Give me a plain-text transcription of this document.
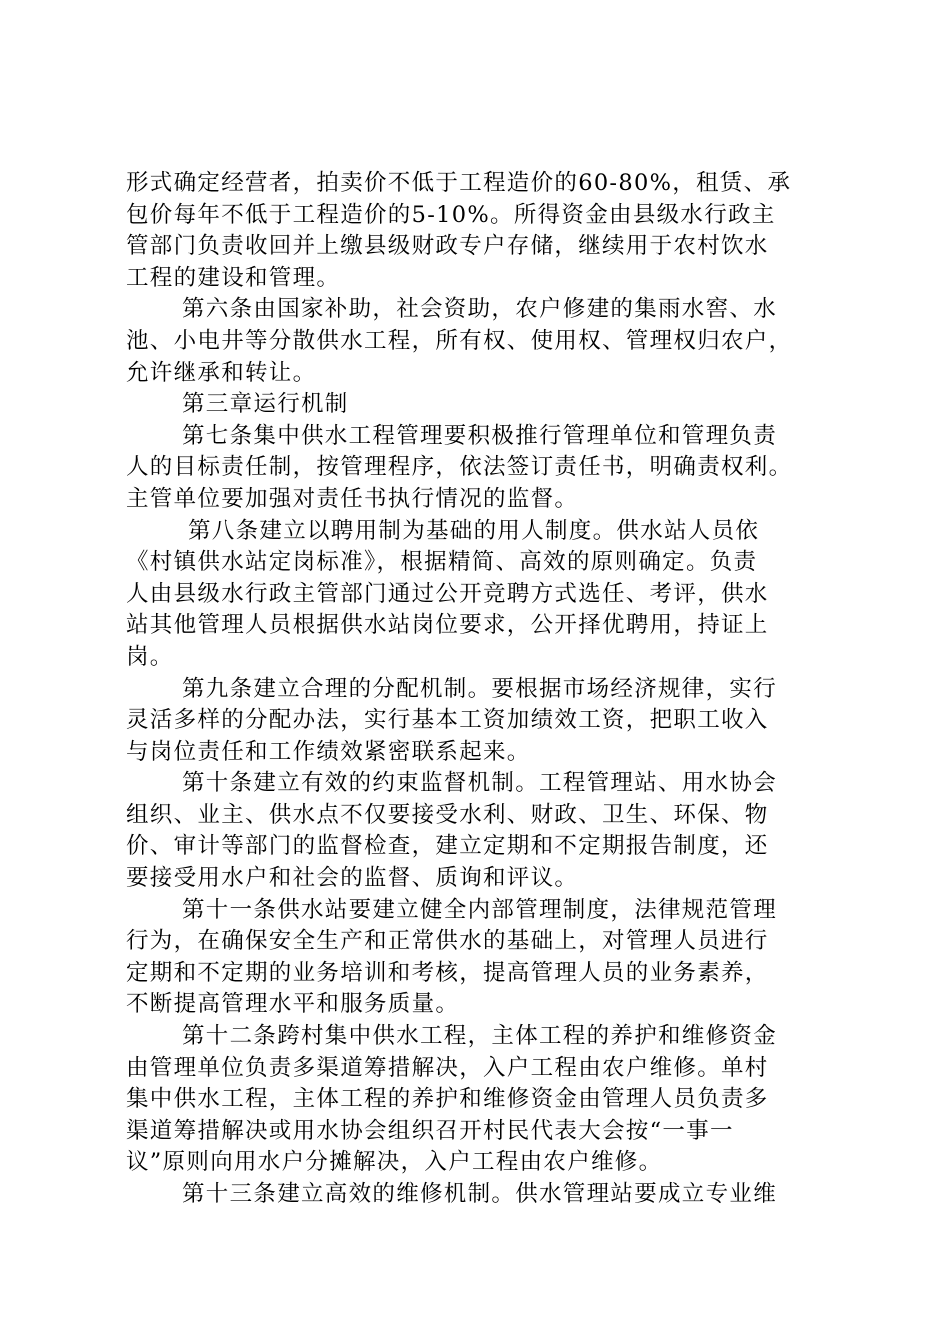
形式确定经营者，拍卖价不低于工程造价的60-80%，租赁、承
包价每年不低于工程造价的5-10%。所得资金由县级水行政主
管部门负责收回并上缴县级财政专户存储，继续用于农村饮水
工程的建设和管理。

第六条由国家补助，社会资助，农户修建的集雨水窖、水
池、小电井等分散供水工程，所有权、使用权、管理权归农户，
允许继承和转让。

第三章运行机制

第七条集中供水工程管理要积极推行管理单位和管理负责
人的目标责任制，按管理程序，依法签订责任书，明确责权利。
主管单位要加强对责任书执行情况的监督。

第八条建立以聘用制为基础的用人制度。供水站人员依
《村镇供水站定岗标准》，根据精简、高效的原则确定。负责
人由县级水行政主管部门通过公开竞聘方式选任、考评，供水
站其他管理人员根据供水站岗位要求，公开择优聘用，持证上
岗。

第九条建立合理的分配机制。要根据市场经济规律，实行
灵活多样的分配办法，实行基本工资加绩效工资，把职工收入
与岗位责任和工作绩效紧密联系起来。

第十条建立有效的约束监督机制。工程管理站、用水协会
组织、业主、供水点不仅要接受水利、财政、卫生、环保、物
价、审计等部门的监督检查，建立定期和不定期报告制度，还
要接受用水户和社会的监督、质询和评议。

第十一条供水站要建立健全内部管理制度，法律规范管理
行为，在确保安全生产和正常供水的基础上，对管理人员进行
定期和不定期的业务培训和考核，提高管理人员的业务素养，
不断提高管理水平和服务质量。

第十二条跨村集中供水工程，主体工程的养护和维修资金
由管理单位负责多渠道筹措解决，入户工程由农户维修。单村
集中供水工程，主体工程的养护和维修资金由管理人员负责多
渠道筹措解决或用水协会组织召开村民代表大会按“一事一
议”原则向用水户分摊解决，入户工程由农户维修。

第十三条建立高效的维修机制。供水管理站要成立专业维
